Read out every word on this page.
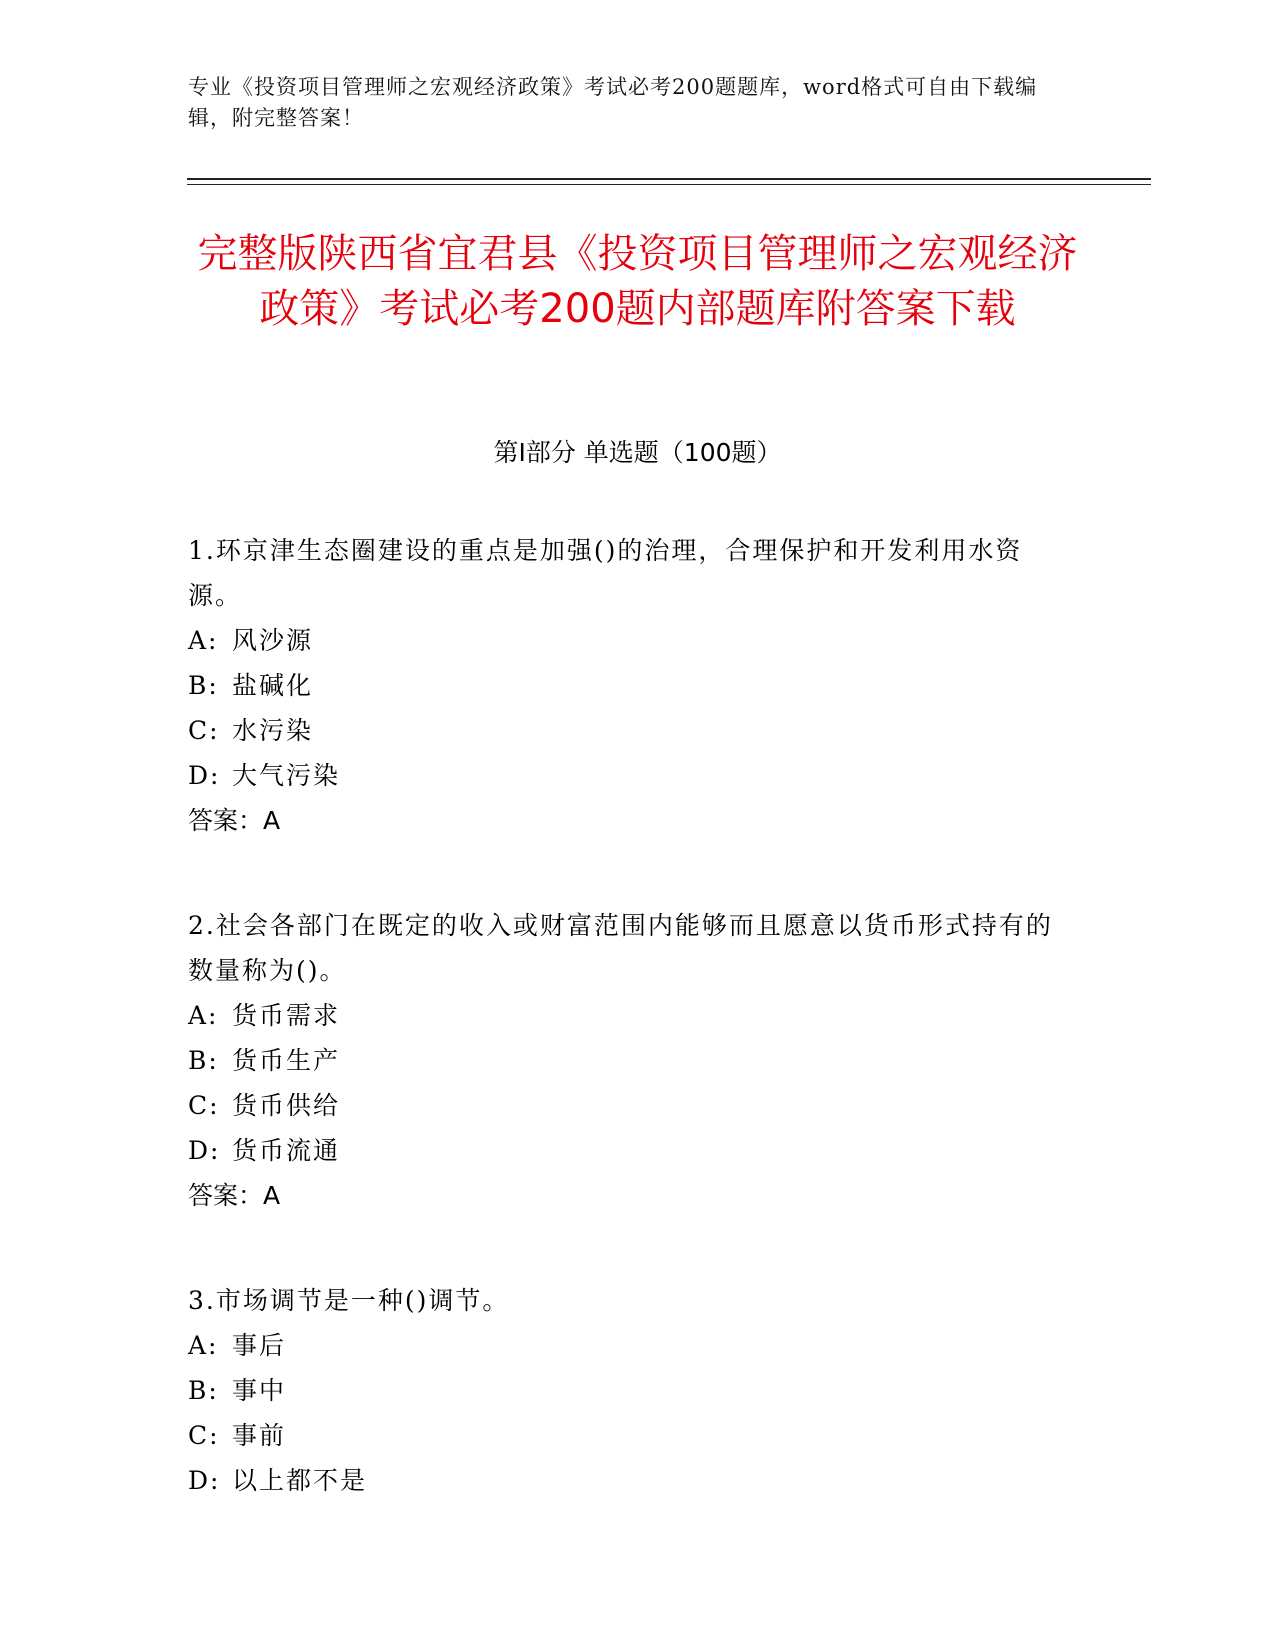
专业《投资项目管理师之宏观经济政策》考试必考200题题库，word格式可自由下载编辑，附完整答案！
完整版陕西省宜君县《投资项目管理师之宏观经济政策》考试必考200题内部题库附答案下载
第Ⅰ部分 单选题（100题）

1.环京津生态圈建设的重点是加强()的治理，合理保护和开发利用水资源。

A: 风沙源

B: 盐碱化

C: 水污染

D: 大气污染

答案：A

2.社会各部门在既定的收入或财富范围内能够而且愿意以货币形式持有的数量称为()。

A: 货币需求

B: 货币生产

C: 货币供给

D: 货币流通

答案：A

3.市场调节是一种()调节。

A: 事后

B: 事中

C: 事前

D: 以上都不是
